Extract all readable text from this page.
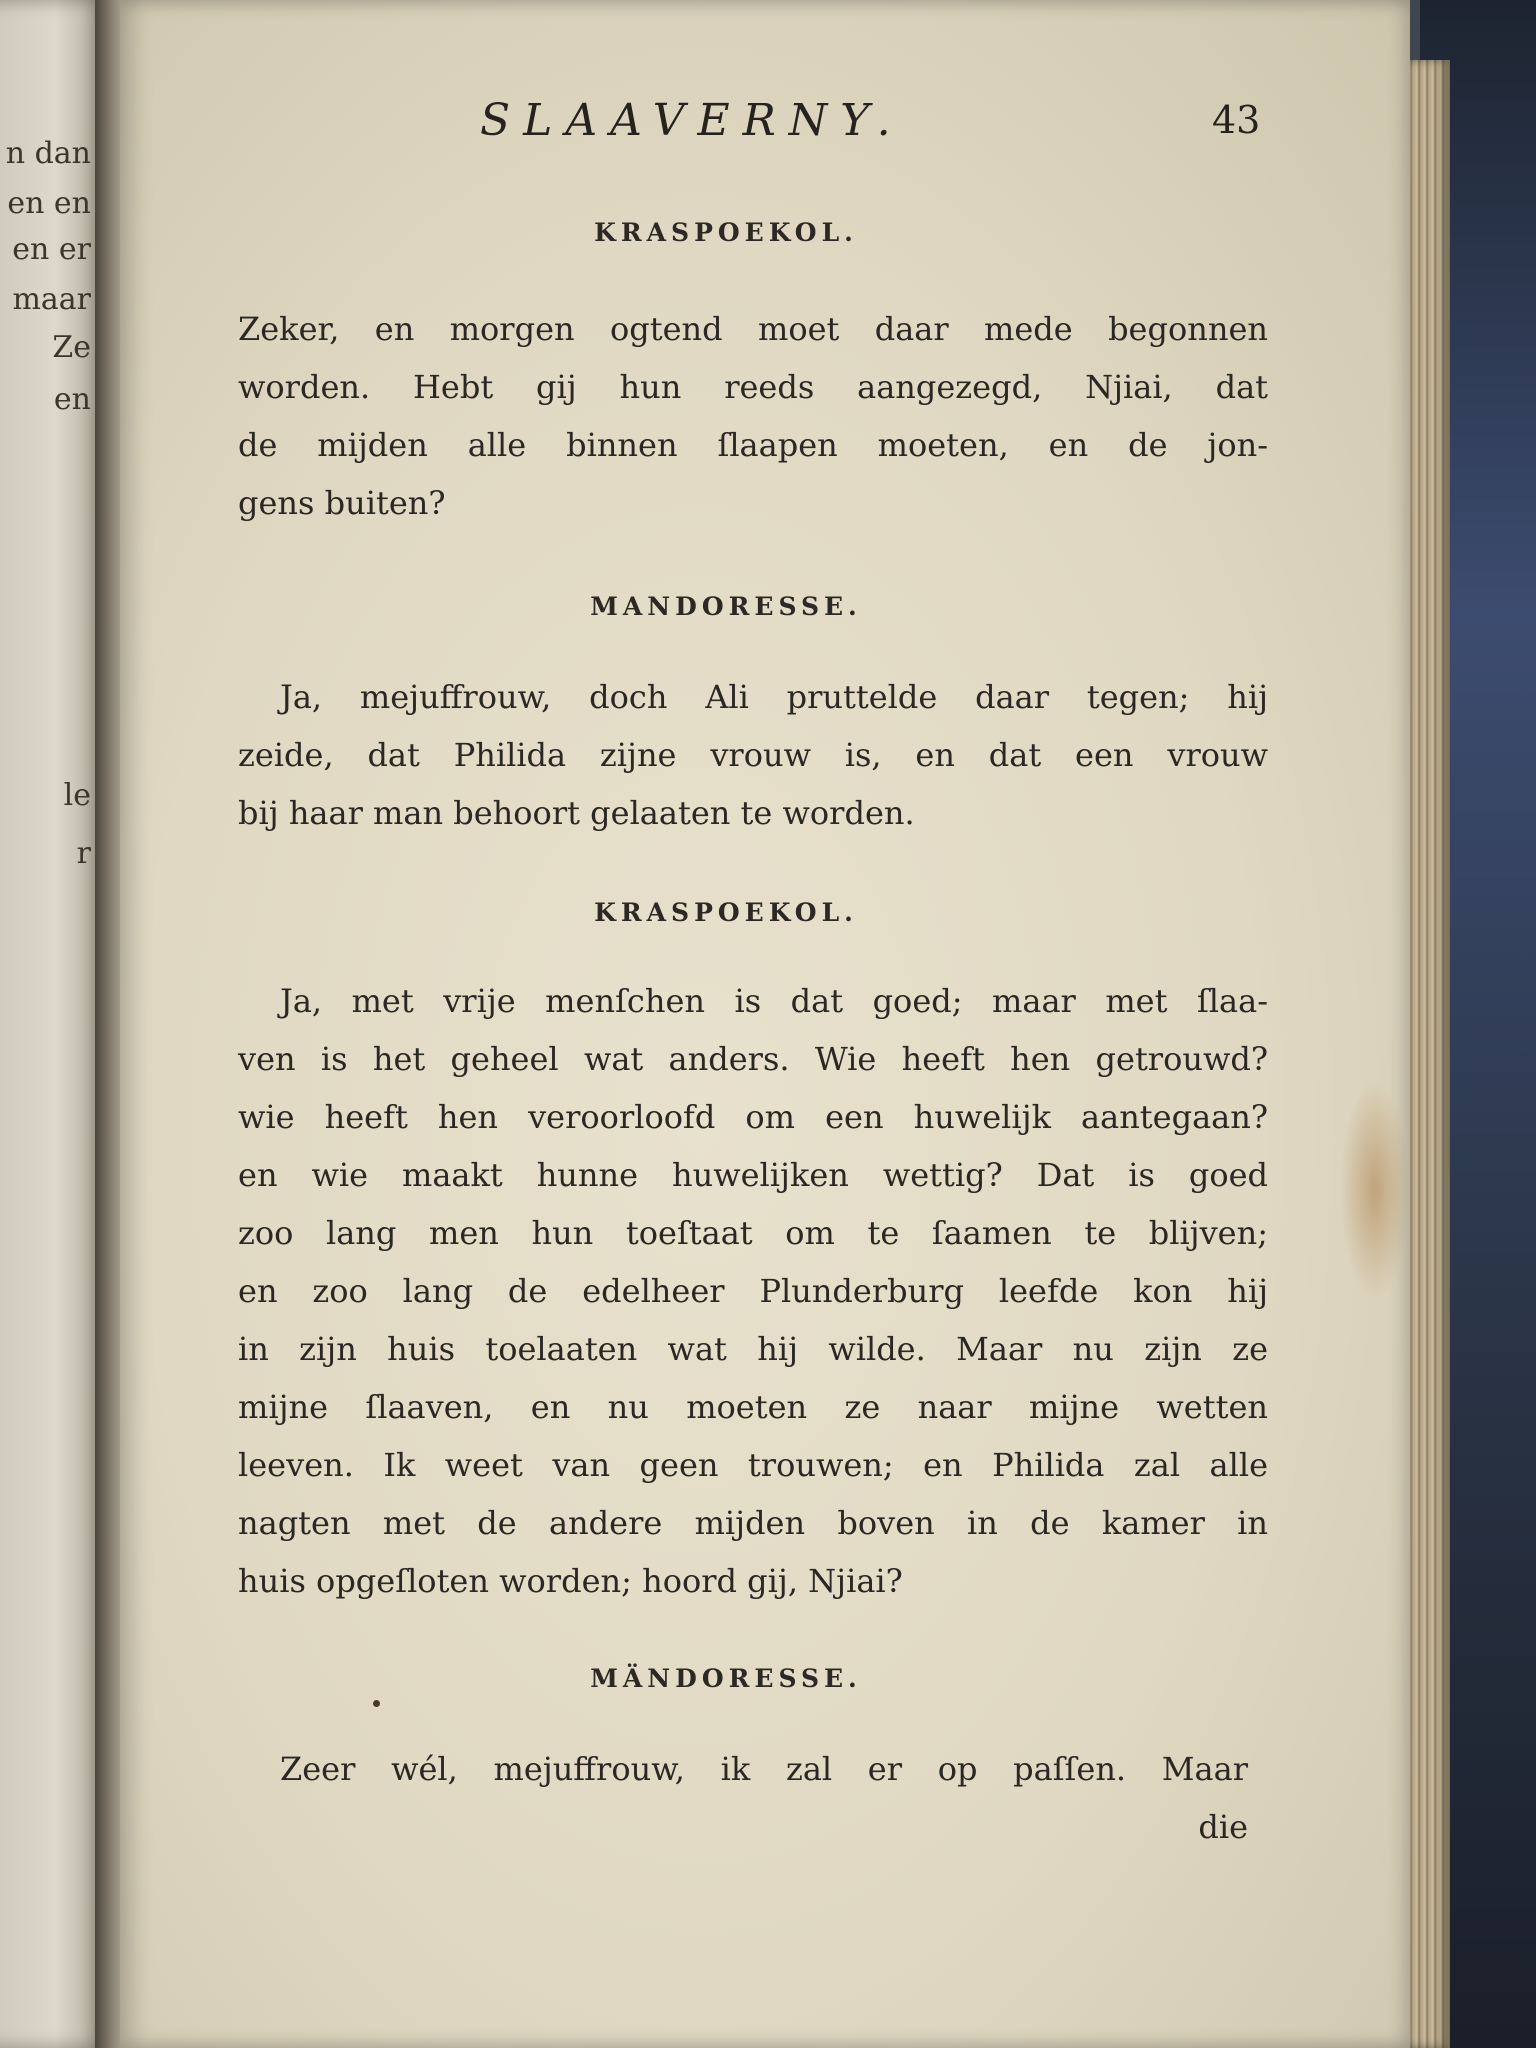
n dan
en en
en er
maar
Ze
en
le
r
SLAAVERNY.	43
KRASPOEKOL.
Zeker, en morgen ogtend moet daar mede begonnen
worden. Hebt gij hun reeds aangezegd, Njiai, dat
de mijden alle binnen ſlaapen moeten, en de jon-
gens buiten?
MANDORESSE.
Ja, mejuffrouw, doch Ali pruttelde daar tegen; hij
zeide, dat Philida zijne vrouw is, en dat een vrouw
bij haar man behoort gelaaten te worden.
KRASPOEKOL.
Ja, met vrije menſchen is dat goed; maar met ſlaa-
ven is het geheel wat anders. Wie heeft hen getrouwd?
wie heeft hen veroorloofd om een huwelijk aantegaan?
en wie maakt hunne huwelijken wettig? Dat is goed
zoo lang men hun toeſtaat om te ſaamen te blijven;
en zoo lang de edelheer Plunderburg leefde kon hij
in zijn huis toelaaten wat hij wilde. Maar nu zijn ze
mijne ſlaaven, en nu moeten ze naar mijne wetten
leeven. Ik weet van geen trouwen; en Philida zal alle
nagten met de andere mijden boven in de kamer in
huis opgeſloten worden; hoord gij, Njiai?
MÄNDORESSE.
Zeer wél, mejuffrouw, ik zal er op paſſen. Maar
die
